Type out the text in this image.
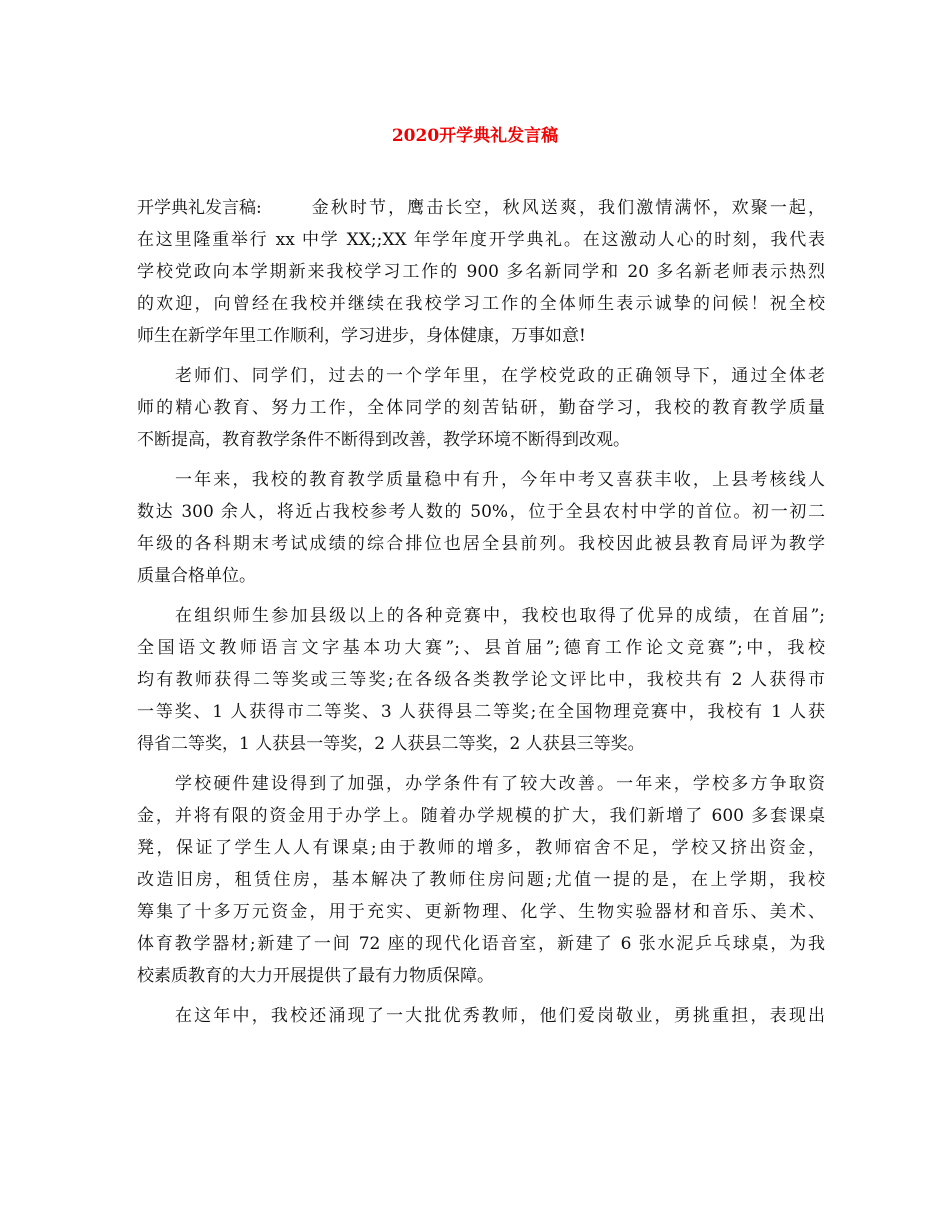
2020开学典礼发言稿
开学典礼发言稿:	金秋时节，鹰击长空，秋风送爽，我们激情满怀，欢聚一起，
在这里隆重举行 xx 中学 XX;;XX 年学年度开学典礼。在这激动人心的时刻，我代表
学校党政向本学期新来我校学习工作的 900 多名新同学和 20 多名新老师表示热烈
的欢迎，向曾经在我校并继续在我校学习工作的全体师生表示诚挚的问候！祝全校
师生在新学年里工作顺利，学习进步，身体健康，万事如意!
老师们、同学们，过去的一个学年里，在学校党政的正确领导下，通过全体老
师的精心教育、努力工作，全体同学的刻苦钻研，勤奋学习，我校的教育教学质量
不断提高，教育教学条件不断得到改善，教学环境不断得到改观。
一年来，我校的教育教学质量稳中有升，今年中考又喜获丰收，上县考核线人
数达 300 余人，将近占我校参考人数的 50%，位于全县农村中学的首位。初一初二
年级的各科期末考试成绩的综合排位也居全县前列。我校因此被县教育局评为教学
质量合格单位。
在组织师生参加县级以上的各种竞赛中，我校也取得了优异的成绩，在首届”;
全国语文教师语言文字基本功大赛”;、县首届”;德育工作论文竞赛”;中，我校
均有教师获得二等奖或三等奖;在各级各类教学论文评比中，我校共有 2 人获得市
一等奖、1 人获得市二等奖、3 人获得县二等奖;在全国物理竞赛中，我校有 1 人获
得省二等奖，1 人获县一等奖，2 人获县二等奖，2 人获县三等奖。
学校硬件建设得到了加强，办学条件有了较大改善。一年来，学校多方争取资
金，并将有限的资金用于办学上。随着办学规模的扩大，我们新增了 600 多套课桌
凳，保证了学生人人有课桌;由于教师的增多，教师宿舍不足，学校又挤出资金，
改造旧房，租赁住房，基本解决了教师住房问题;尤值一提的是，在上学期，我校
筹集了十多万元资金，用于充实、更新物理、化学、生物实验器材和音乐、美术、
体育教学器材;新建了一间 72 座的现代化语音室，新建了 6 张水泥乒乓球桌，为我
校素质教育的大力开展提供了最有力物质保障。
在这年中，我校还涌现了一大批优秀教师，他们爱岗敬业，勇挑重担，表现出
